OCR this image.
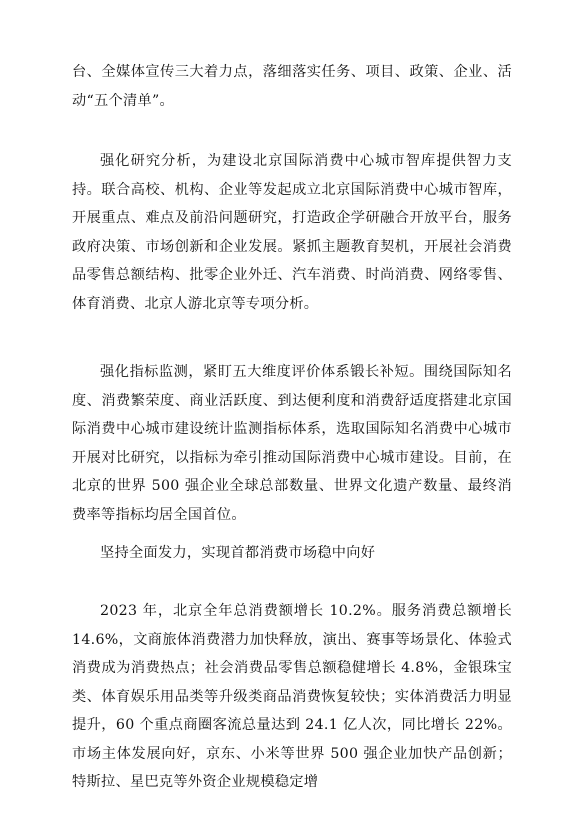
台、全媒体宣传三大着力点，落细落实任务、项目、政策、企业、活动“五个清单”。

强化研究分析，为建设北京国际消费中心城市智库提供智力支持。联合高校、机构、企业等发起成立北京国际消费中心城市智库，开展重点、难点及前沿问题研究，打造政企学研融合开放平台，服务政府决策、市场创新和企业发展。紧抓主题教育契机，开展社会消费品零售总额结构、批零企业外迁、汽车消费、时尚消费、网络零售、体育消费、北京人游北京等专项分析。

强化指标监测，紧盯五大维度评价体系锻长补短。围绕国际知名度、消费繁荣度、商业活跃度、到达便利度和消费舒适度搭建北京国际消费中心城市建设统计监测指标体系，选取国际知名消费中心城市开展对比研究，以指标为牵引推动国际消费中心城市建设。目前，在北京的世界 500 强企业全球总部数量、世界文化遗产数量、最终消费率等指标均居全国首位。

坚持全面发力，实现首都消费市场稳中向好

2023 年，北京全年总消费额增长 10.2%。服务消费总额增长 14.6%，文商旅体消费潜力加快释放，演出、赛事等场景化、体验式消费成为消费热点；社会消费品零售总额稳健增长 4.8%，金银珠宝类、体育娱乐用品类等升级类商品消费恢复较快；实体消费活力明显提升，60 个重点商圈客流总量达到 24.1 亿人次，同比增长 22%。市场主体发展向好，京东、小米等世界 500 强企业加快产品创新；特斯拉、星巴克等外资企业规模稳定增
